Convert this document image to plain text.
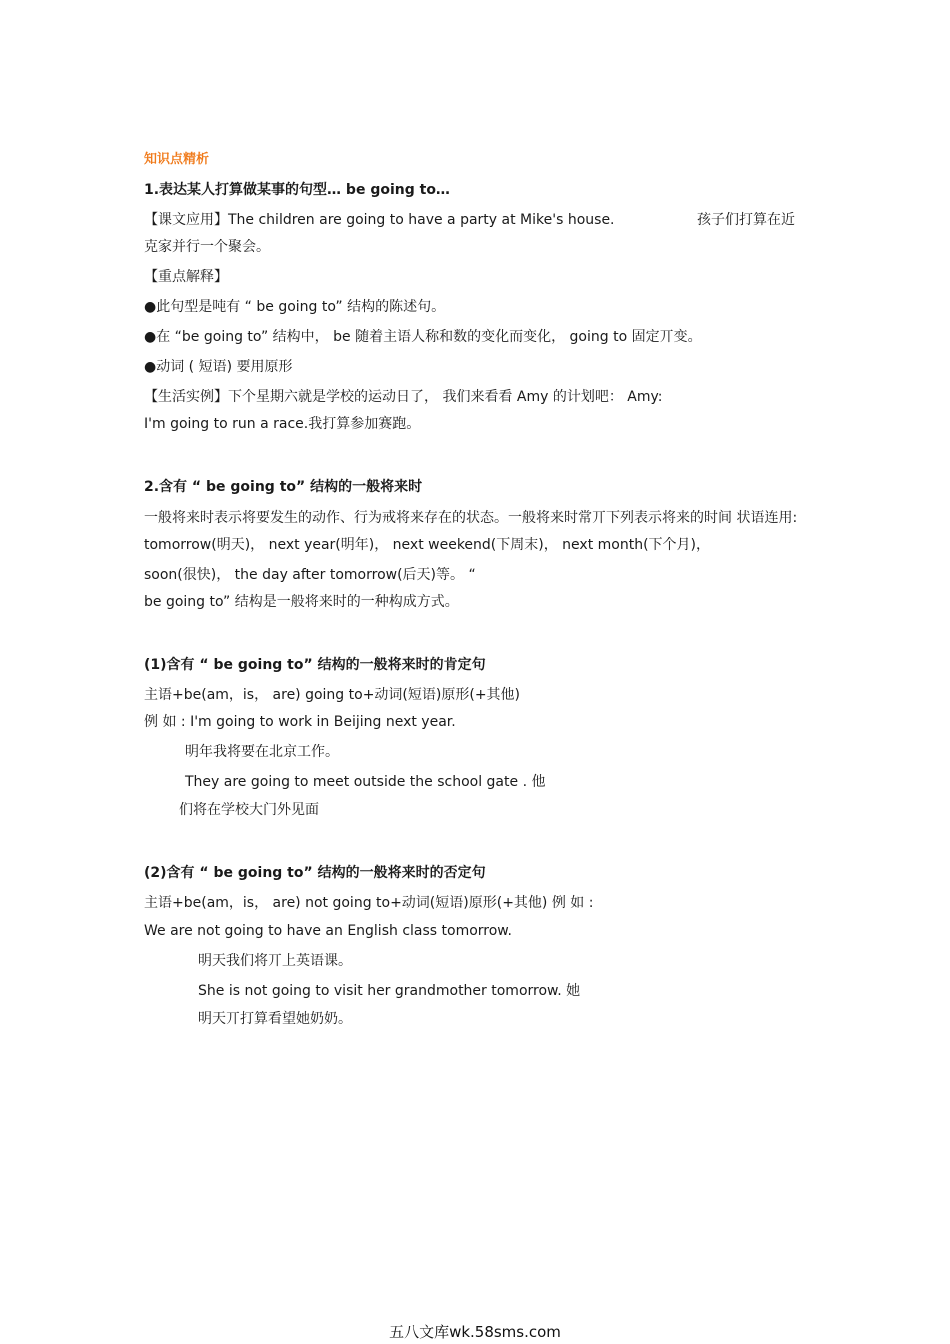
知识点精析
1.表达某人打算做某事的句型… be going to…
【课文应用】The children are going to have a party at Mike's house.	孩子们打算在近
克家并行一个聚会。
【重点解释】
●此句型是吨有 “ be going to” 结构的陈述句。
●在 “be going to” 结构中， be 随着主语人称和数的变化而变化， going to 固定丌变。
●动词 ( 短语) 要用原形
【生活实例】下个星期六就是学校的运动日了， 我们来看看 Amy 的计划吧： Amy:
I'm going to run a race.我打算参加赛跑。
2.含有 “ be going to” 结构的一般将来时
一般将来时表示将要发生的动作、行为戒将来存在的状态。一般将来时常丌下列表示将来的时间 状语连用:
tomorrow(明天)， next year(明年)， next weekend(下周末)， next month(下个月)，
soon(很快)， the day after tomorrow(后天)等。 “
be going to” 结构是一般将来时的一种构成方式。
(1)含有 “ be going to” 结构的一般将来时的肯定句
主语+be(am，is， are) going to+动词(短语)原形(+其他)
例 如 : I'm going to work in Beijing next year.
明年我将要在北京工作。
They are going to meet outside the school gate . 他
们将在学校大门外见面
(2)含有 “ be going to” 结构的一般将来时的否定句
主语+be(am，is， are) not going to+动词(短语)原形(+其他) 例 如 :
We are not going to have an English class tomorrow.
明天我们将丌上英语课。
She is not going to visit her grandmother tomorrow. 她
明天丌打算看望她奶奶。
五八文库wk.58sms.com
